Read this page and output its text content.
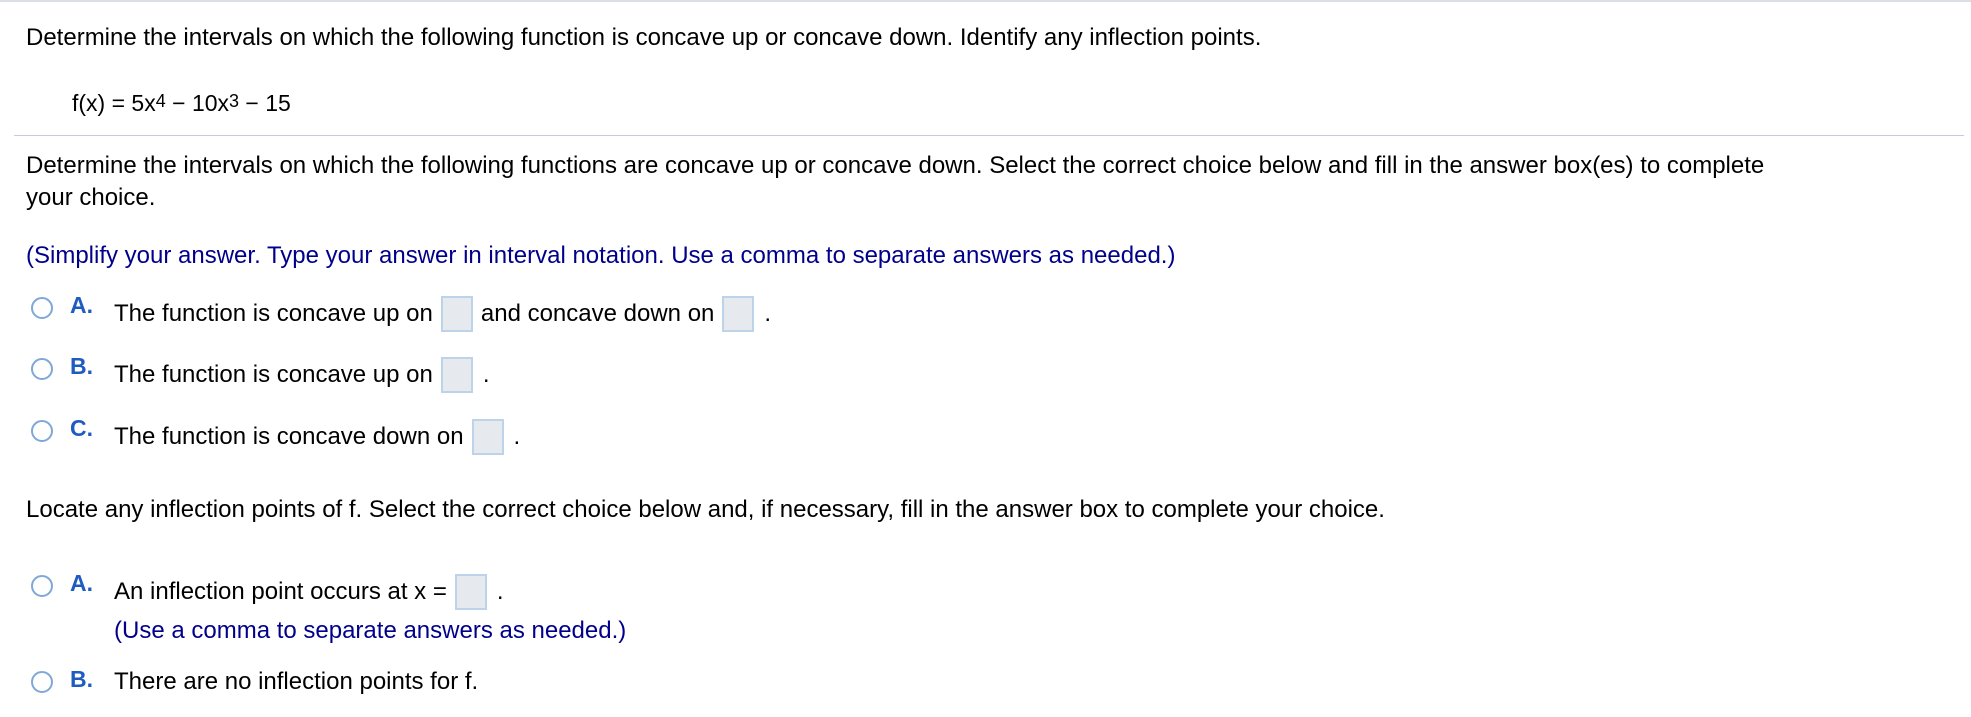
Determine the intervals on which the following function is concave up or concave down. Identify any inflection points.
$f(x) = 5x^4 - 10x^3 - 15$
Determine the intervals on which the following functions are concave up or concave down. Select the correct choice below and fill in the answer box(es) to complete
your choice.
(Simplify your answer. Type your answer in interval notation. Use a comma to separate answers as needed.)
A. The function is concave up on and concave down on .
B. The function is concave up on .
C. The function is concave down on .
Locate any inflection points of f. Select the correct choice below and, if necessary, fill in the answer box to complete your choice.
A. An inflection point occurs at x = .
(Use a comma to separate answers as needed.)
B. There are no inflection points for f.
